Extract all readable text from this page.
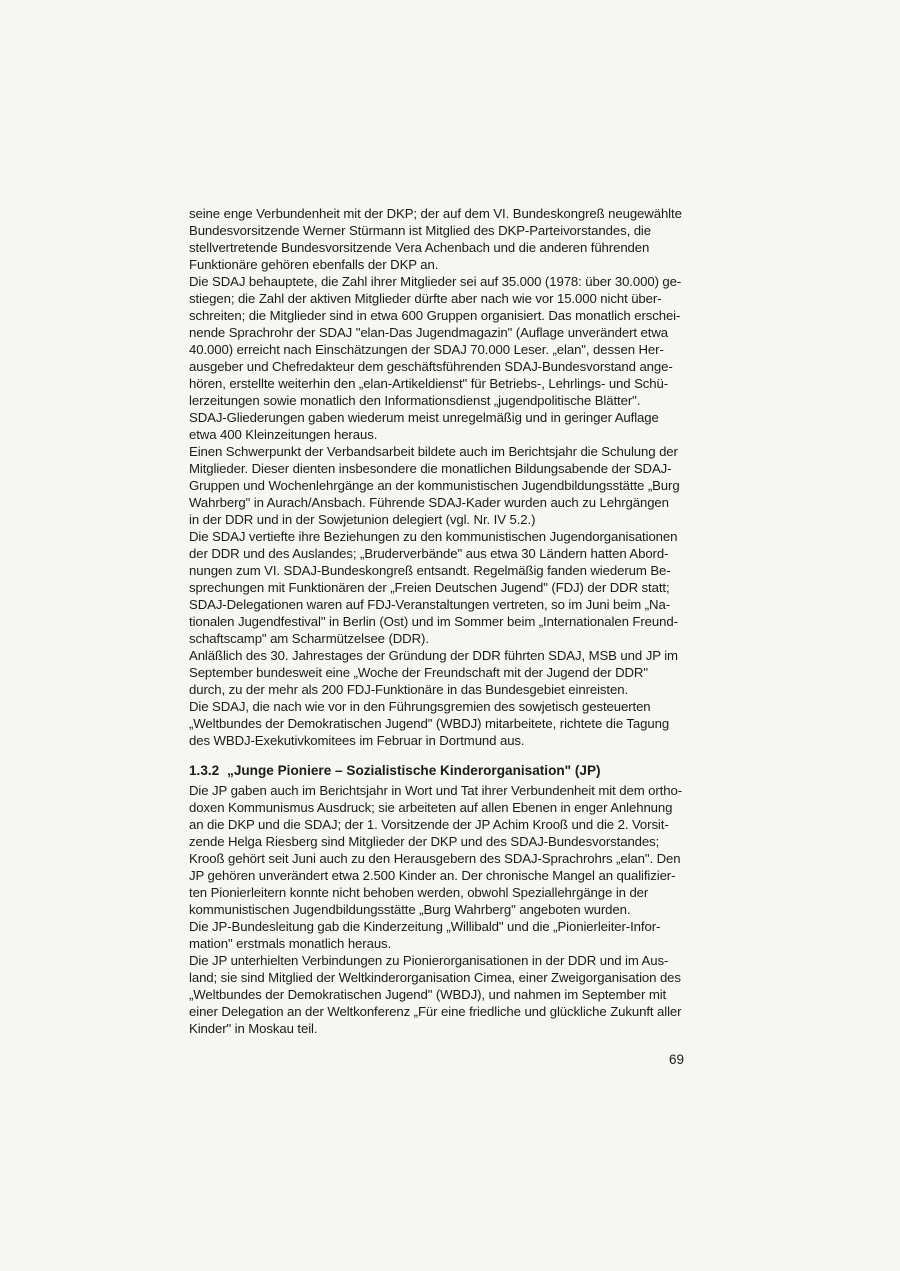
seine enge Verbundenheit mit der DKP; der auf dem VI. Bundeskongreß neugewählte
Bundesvorsitzende Werner Stürmann ist Mitglied des DKP-Parteivorstandes, die
stellvertretende Bundesvorsitzende Vera Achenbach und die anderen führenden
Funktionäre gehören ebenfalls der DKP an.

Die SDAJ behauptete, die Zahl ihrer Mitglieder sei auf 35.000 (1978: über 30.000) ge-
stiegen; die Zahl der aktiven Mitglieder dürfte aber nach wie vor 15.000 nicht über-
schreiten; die Mitglieder sind in etwa 600 Gruppen organisiert. Das monatlich erschei-
nende Sprachrohr der SDAJ "elan-Das Jugendmagazin" (Auflage unverändert etwa
40.000) erreicht nach Einschätzungen der SDAJ 70.000 Leser. „elan", dessen Her-
ausgeber und Chefredakteur dem geschäftsführenden SDAJ-Bundesvorstand ange-
hören, erstellte weiterhin den „elan-Artikeldienst" für Betriebs-, Lehrlings- und Schü-
lerzeitungen sowie monatlich den Informationsdienst „jugendpolitische Blätter".
SDAJ-Gliederungen gaben wiederum meist unregelmäßig und in geringer Auflage
etwa 400 Kleinzeitungen heraus.

Einen Schwerpunkt der Verbandsarbeit bildete auch im Berichtsjahr die Schulung der
Mitglieder. Dieser dienten insbesondere die monatlichen Bildungsabende der SDAJ-
Gruppen und Wochenlehrgänge an der kommunistischen Jugendbildungsstätte „Burg
Wahrberg" in Aurach/Ansbach. Führende SDAJ-Kader wurden auch zu Lehrgängen
in der DDR und in der Sowjetunion delegiert (vgl. Nr. IV 5.2.)

Die SDAJ vertiefte ihre Beziehungen zu den kommunistischen Jugendorganisationen
der DDR und des Auslandes; „Bruderverbände" aus etwa 30 Ländern hatten Abord-
nungen zum VI. SDAJ-Bundeskongreß entsandt. Regelmäßig fanden wiederum Be-
sprechungen mit Funktionären der „Freien Deutschen Jugend" (FDJ) der DDR statt;
SDAJ-Delegationen waren auf FDJ-Veranstaltungen vertreten, so im Juni beim „Na-
tionalen Jugendfestival" in Berlin (Ost) und im Sommer beim „Internationalen Freund-
schaftscamp" am Scharmützelsee (DDR).

Anläßlich des 30. Jahrestages der Gründung der DDR führten SDAJ, MSB und JP im
September bundesweit eine „Woche der Freundschaft mit der Jugend der DDR"
durch, zu der mehr als 200 FDJ-Funktionäre in das Bundesgebiet einreisten.

Die SDAJ, die nach wie vor in den Führungsgremien des sowjetisch gesteuerten
„Weltbundes der Demokratischen Jugend" (WBDJ) mitarbeitete, richtete die Tagung
des WBDJ-Exekutivkomitees im Februar in Dortmund aus.

1.3.2 „Junge Pioniere – Sozialistische Kinderorganisation" (JP)

Die JP gaben auch im Berichtsjahr in Wort und Tat ihrer Verbundenheit mit dem ortho-
doxen Kommunismus Ausdruck; sie arbeiteten auf allen Ebenen in enger Anlehnung
an die DKP und die SDAJ; der 1. Vorsitzende der JP Achim Krooß und die 2. Vorsit-
zende Helga Riesberg sind Mitglieder der DKP und des SDAJ-Bundesvorstandes;
Krooß gehört seit Juni auch zu den Herausgebern des SDAJ-Sprachrohrs „elan". Den
JP gehören unverändert etwa 2.500 Kinder an. Der chronische Mangel an qualifizier-
ten Pionierleitern konnte nicht behoben werden, obwohl Speziallehrgänge in der
kommunistischen Jugendbildungsstätte „Burg Wahrberg" angeboten wurden.

Die JP-Bundesleitung gab die Kinderzeitung „Willibald" und die „Pionierleiter-Infor-
mation" erstmals monatlich heraus.

Die JP unterhielten Verbindungen zu Pionierorganisationen in der DDR und im Aus-
land; sie sind Mitglied der Weltkinderorganisation Cimea, einer Zweigorganisation des
„Weltbundes der Demokratischen Jugend" (WBDJ), und nahmen im September mit
einer Delegation an der Weltkonferenz „Für eine friedliche und glückliche Zukunft aller
Kinder" in Moskau teil.

69
